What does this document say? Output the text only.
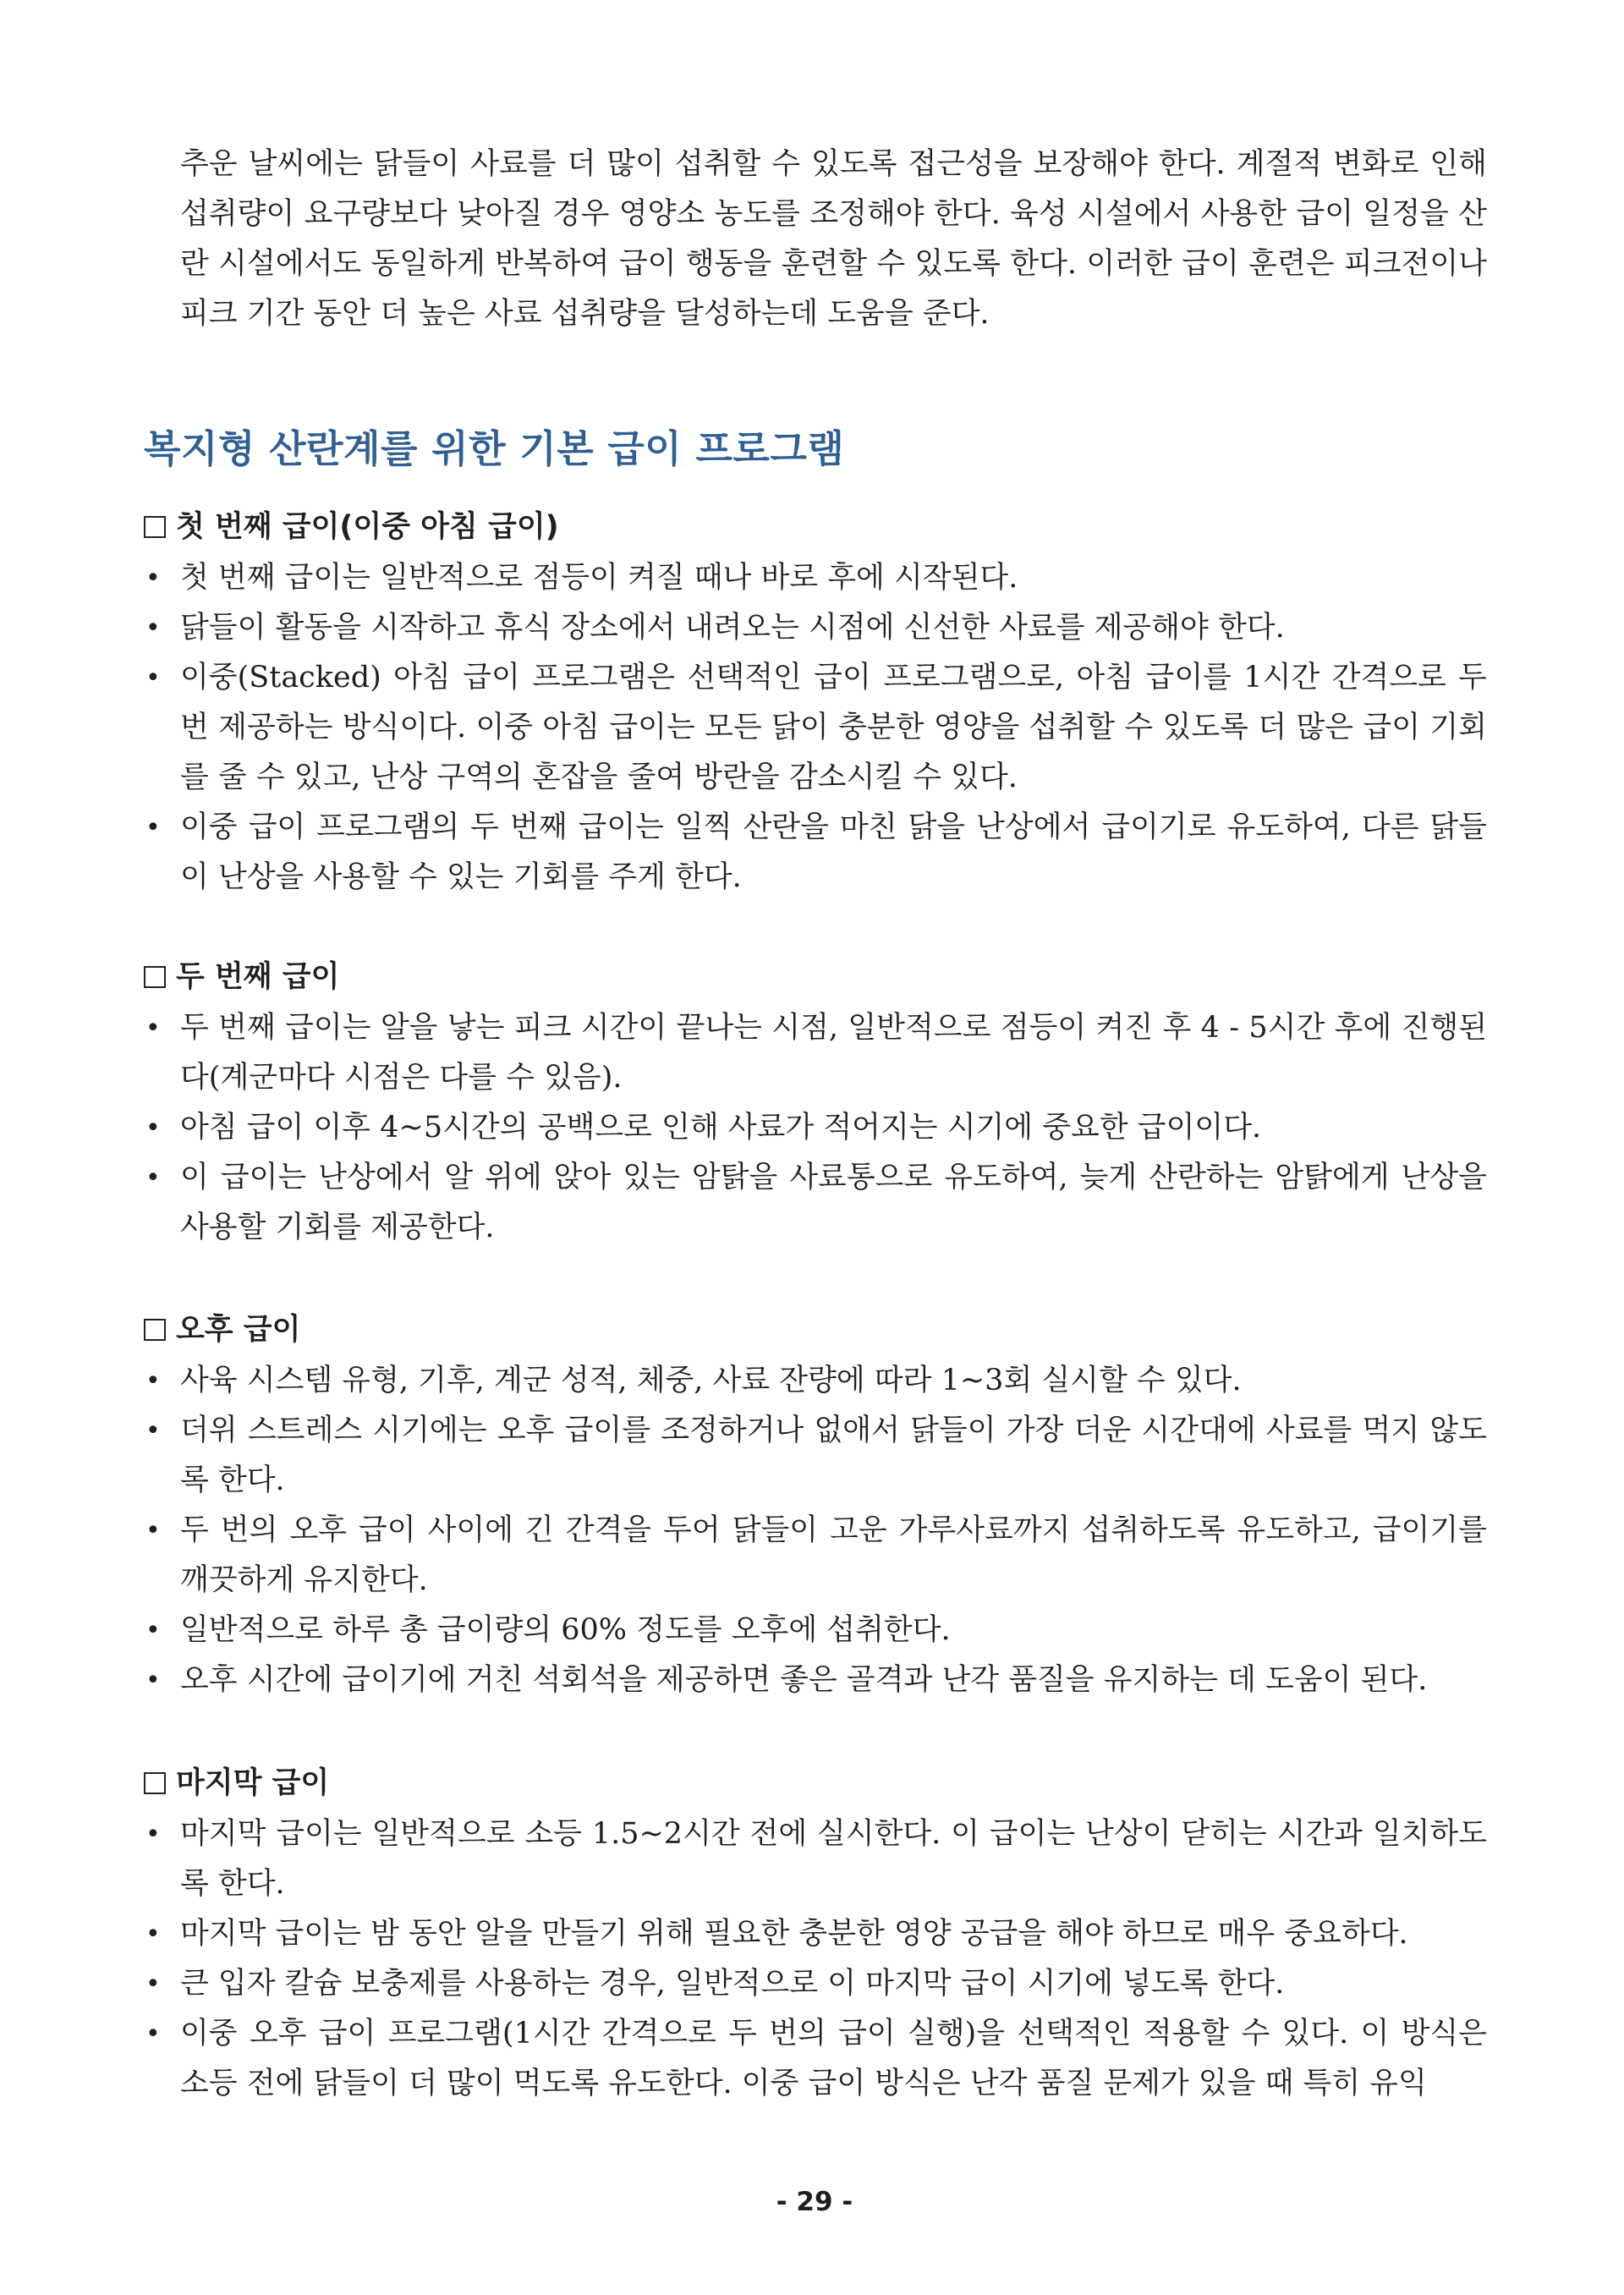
추운 날씨에는 닭들이 사료를 더 많이 섭취할 수 있도록 접근성을 보장해야 한다. 계절적 변화로 인해 섭취량이 요구량보다 낮아질 경우 영양소 농도를 조정해야 한다. 육성 시설에서 사용한 급이 일정을 산란 시설에서도 동일하게 반복하여 급이 행동을 훈련할 수 있도록 한다. 이러한 급이 훈련은 피크전이나 피크 기간 동안 더 높은 사료 섭취량을 달성하는데 도움을 준다.

복지형 산란계를 위한 기본 급이 프로그램
첫 번째 급이(이중 아침 급이)
• 첫 번째 급이는 일반적으로 점등이 켜질 때나 바로 후에 시작된다.
• 닭들이 활동을 시작하고 휴식 장소에서 내려오는 시점에 신선한 사료를 제공해야 한다.
• 이중(Stacked) 아침 급이 프로그램은 선택적인 급이 프로그램으로, 아침 급이를 1시간 간격으로 두 번 제공하는 방식이다. 이중 아침 급이는 모든 닭이 충분한 영양을 섭취할 수 있도록 더 많은 급이 기회를 줄 수 있고, 난상 구역의 혼잡을 줄여 방란을 감소시킬 수 있다.
• 이중 급이 프로그램의 두 번째 급이는 일찍 산란을 마친 닭을 난상에서 급이기로 유도하여, 다른 닭들이 난상을 사용할 수 있는 기회를 주게 한다.
두 번째 급이
• 두 번째 급이는 알을 낳는 피크 시간이 끝나는 시점, 일반적으로 점등이 켜진 후 4 - 5시간 후에 진행된다(계군마다 시점은 다를 수 있음).
• 아침 급이 이후 4~5시간의 공백으로 인해 사료가 적어지는 시기에 중요한 급이이다.
• 이 급이는 난상에서 알 위에 앉아 있는 암탉을 사료통으로 유도하여, 늦게 산란하는 암탉에게 난상을 사용할 기회를 제공한다.
오후 급이
• 사육 시스템 유형, 기후, 계군 성적, 체중, 사료 잔량에 따라 1~3회 실시할 수 있다.
• 더위 스트레스 시기에는 오후 급이를 조정하거나 없애서 닭들이 가장 더운 시간대에 사료를 먹지 않도록 한다.
• 두 번의 오후 급이 사이에 긴 간격을 두어 닭들이 고운 가루사료까지 섭취하도록 유도하고, 급이기를 깨끗하게 유지한다.
• 일반적으로 하루 총 급이량의 60% 정도를 오후에 섭취한다.
• 오후 시간에 급이기에 거친 석회석을 제공하면 좋은 골격과 난각 품질을 유지하는 데 도움이 된다.
마지막 급이
• 마지막 급이는 일반적으로 소등 1.5~2시간 전에 실시한다. 이 급이는 난상이 닫히는 시간과 일치하도록 한다.
• 마지막 급이는 밤 동안 알을 만들기 위해 필요한 충분한 영양 공급을 해야 하므로 매우 중요하다.
• 큰 입자 칼슘 보충제를 사용하는 경우, 일반적으로 이 마지막 급이 시기에 넣도록 한다.
• 이중 오후 급이 프로그램(1시간 간격으로 두 번의 급이 실행)을 선택적인 적용할 수 있다. 이 방식은 소등 전에 닭들이 더 많이 먹도록 유도한다. 이중 급이 방식은 난각 품질 문제가 있을 때 특히 유익

- 29 -
